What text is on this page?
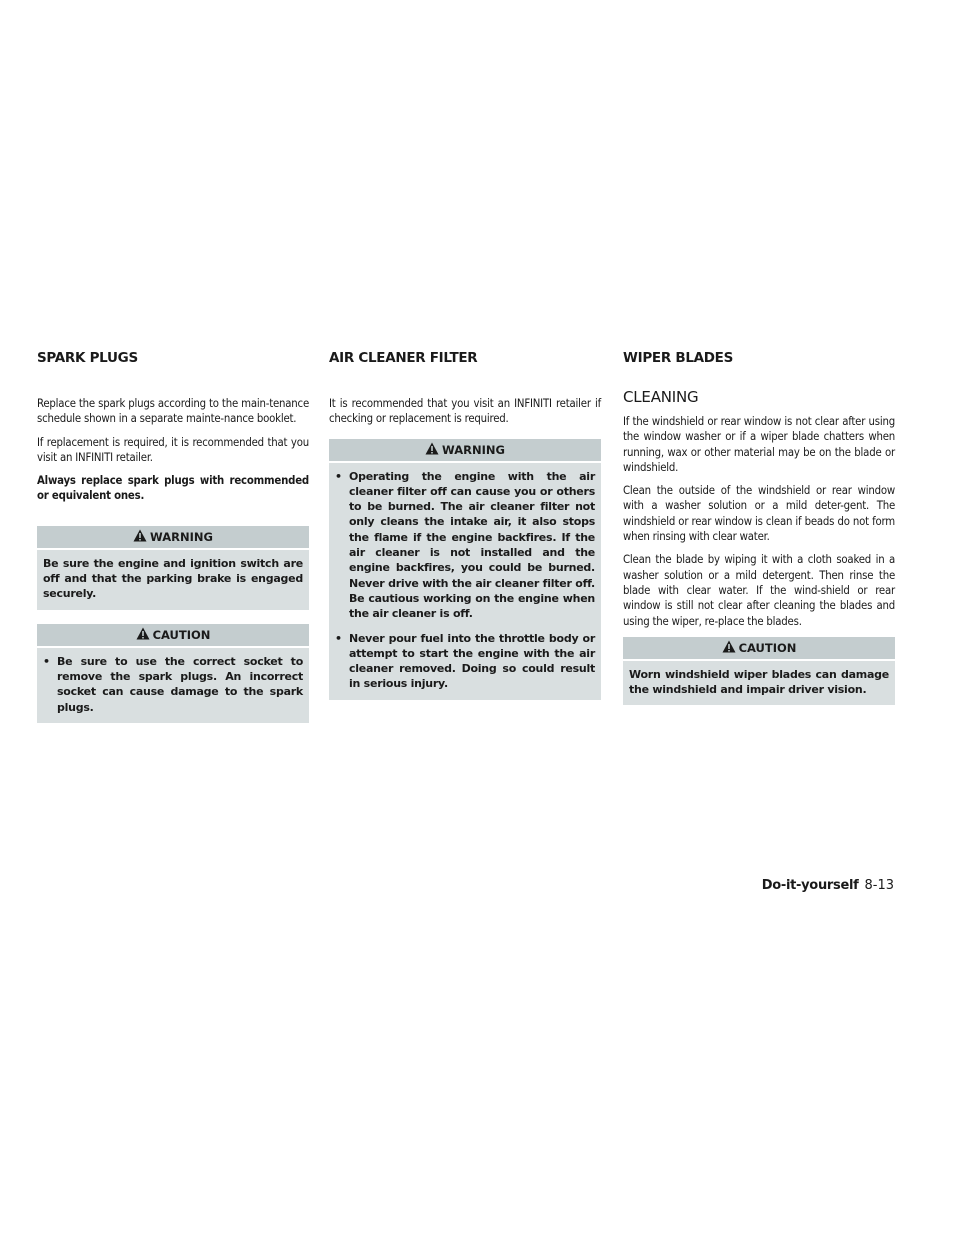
SPARK PLUGS

Replace the spark plugs according to the main-tenance schedule shown in a separate mainte-nance booklet.

If replacement is required, it is recommended that you visit an INFINITI retailer.

Always replace spark plugs with recommended or equivalent ones.

WARNING

Be sure the engine and ignition switch are off and that the parking brake is engaged securely.

CAUTION
• Be sure to use the correct socket to remove the spark plugs. An incorrect socket can cause damage to the spark plugs.
AIR CLEANER FILTER

It is recommended that you visit an INFINITI retailer if checking or replacement is required.

WARNING
• Operating the engine with the air cleaner filter off can cause you or others to be burned. The air cleaner filter not only cleans the intake air, it also stops the flame if the engine backfires. If the air cleaner is not installed and the engine backfires, you could be burned. Never drive with the air cleaner filter off. Be cautious working on the engine when the air cleaner is off.
• Never pour fuel into the throttle body or attempt to start the engine with the air cleaner removed. Doing so could result in serious injury.
WIPER BLADES
CLEANING

If the windshield or rear window is not clear after using the window washer or if a wiper blade chatters when running, wax or other material may be on the blade or windshield.

Clean the outside of the windshield or rear window with a washer solution or a mild deter-gent. The windshield or rear window is clean if beads do not form when rinsing with clear water.

Clean the blade by wiping it with a cloth soaked in a washer solution or a mild detergent. Then rinse the blade with clear water. If the wind-shield or rear window is still not clear after cleaning the blades and using the wiper, re-place the blades.

CAUTION

Worn windshield wiper blades can damage the windshield and impair driver vision.

Do-it-yourself 8-13
